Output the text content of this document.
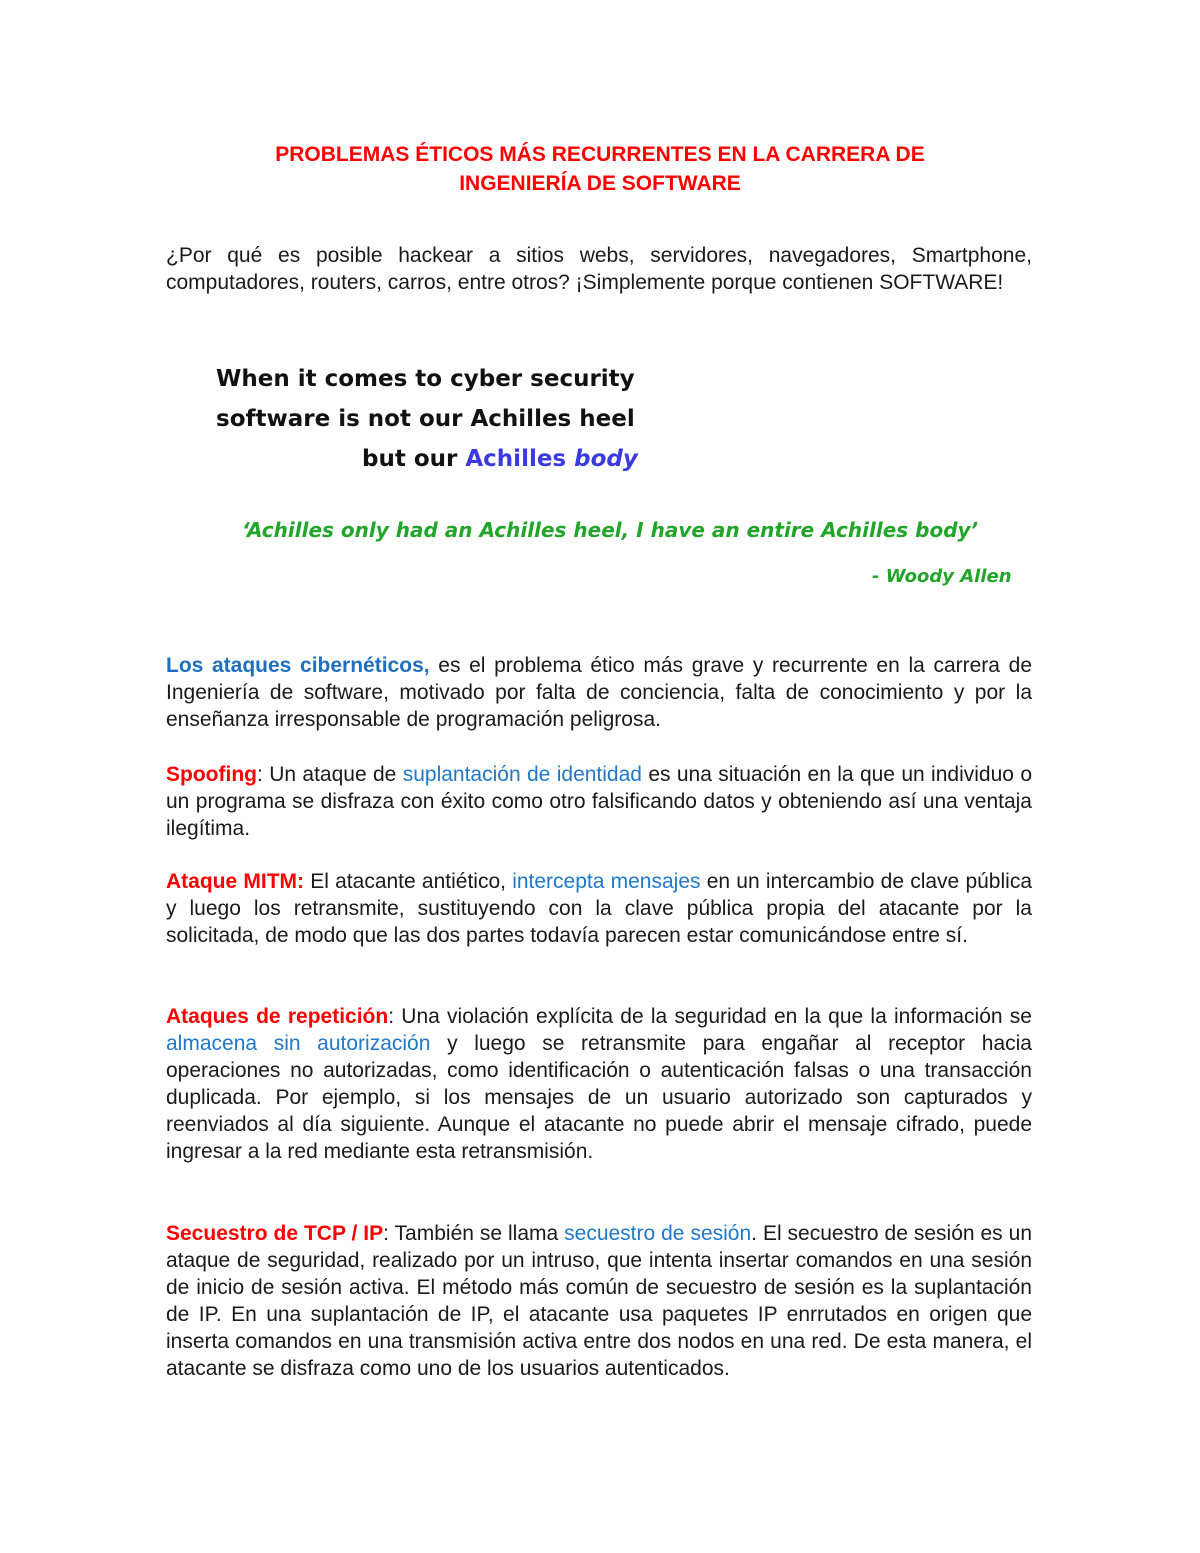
PROBLEMAS ÉTICOS MÁS RECURRENTES EN LA CARRERA DE
INGENIERÍA DE SOFTWARE

¿Por qué es posible hackear a sitios webs, servidores, navegadores, Smartphone, computadores, routers, carros, entre otros? ¡Simplemente porque contienen SOFTWARE!

When it comes to cyber security
software is not our Achilles heel
but our Achilles body
‘Achilles only had an Achilles heel, I have an entire Achilles body’
- Woody Allen

Los ataques cibernéticos, es el problema ético más grave y recurrente en la carrera de Ingeniería de software, motivado por falta de conciencia, falta de conocimiento y por la enseñanza irresponsable de programación peligrosa.

Spoofing: Un ataque de suplantación de identidad es una situación en la que un individuo o un programa se disfraza con éxito como otro falsificando datos y obteniendo así una ventaja ilegítima.

Ataque MITM: El atacante antiético, intercepta mensajes en un intercambio de clave pública y luego los retransmite, sustituyendo con la clave pública propia del atacante por la solicitada, de modo que las dos partes todavía parecen estar comunicándose entre sí.

Ataques de repetición: Una violación explícita de la seguridad en la que la información se almacena sin autorización y luego se retransmite para engañar al receptor hacia operaciones no autorizadas, como identificación o autenticación falsas o una transacción duplicada. Por ejemplo, si los mensajes de un usuario autorizado son capturados y reenviados al día siguiente. Aunque el atacante no puede abrir el mensaje cifrado, puede ingresar a la red mediante esta retransmisión.

Secuestro de TCP / IP: También se llama secuestro de sesión. El secuestro de sesión es un ataque de seguridad, realizado por un intruso, que intenta insertar comandos en una sesión de inicio de sesión activa. El método más común de secuestro de sesión es la suplantación de IP. En una suplantación de IP, el atacante usa paquetes IP enrrutados en origen que inserta comandos en una transmisión activa entre dos nodos en una red. De esta manera, el atacante se disfraza como uno de los usuarios autenticados.
